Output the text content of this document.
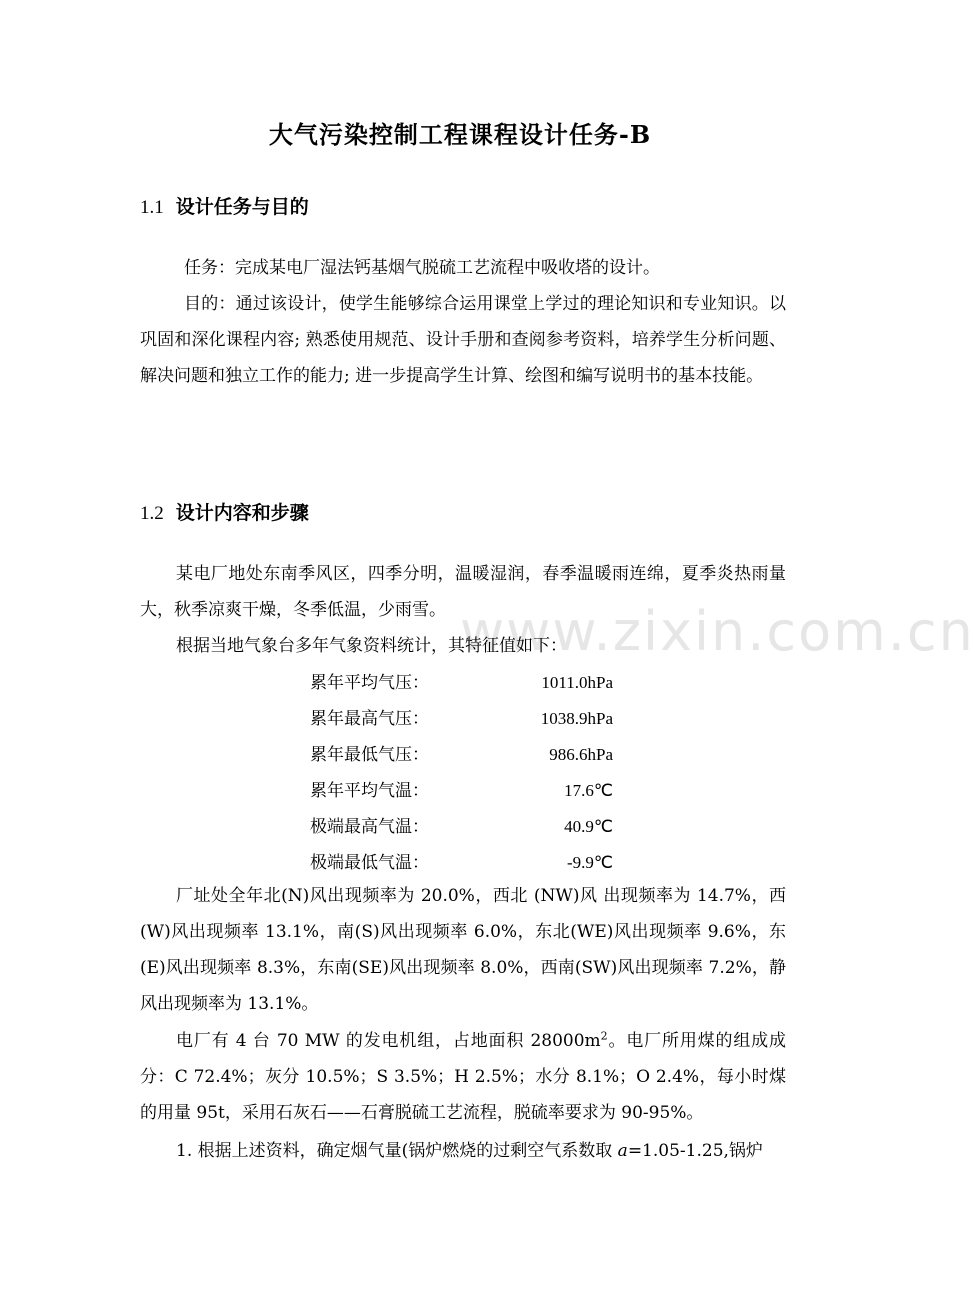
www.zixin.com.cn
大气污染控制工程课程设计任务-B
1.1 设计任务与目的
任务：完成某电厂湿法钙基烟气脱硫工艺流程中吸收塔的设计。
目的：通过该设计，使学生能够综合运用课堂上学过的理论知识和专业知识。以巩固和深化课程内容; 熟悉使用规范、设计手册和查阅参考资料，培养学生分析问题、解决问题和独立工作的能力; 进一步提高学生计算、绘图和编写说明书的基本技能。
1.2 设计内容和步骤
某电厂地处东南季风区，四季分明，温暖湿润，春季温暖雨连绵，夏季炎热雨量大，秋季凉爽干燥，冬季低温，少雨雪。
根据当地气象台多年气象资料统计，其特征值如下：
累年平均气压：	1011.0hPa
累年最高气压：	1038.9hPa
累年最低气压：	986.6hPa
累年平均气温：	17.6℃
极端最高气温：	40.9℃
极端最低气温：	-9.9℃
厂址处全年北(N)风出现频率为 20.0%，西北 (NW)风 出现频率为 14.7%，西(W)风出现频率 13.1%，南(S)风出现频率 6.0%，东北(WE)风出现频率 9.6%，东(E)风出现频率 8.3%，东南(SE)风出现频率 8.0%，西南(SW)风出现频率 7.2%，静风出现频率为 13.1%。
电厂有 4 台 70 MW 的发电机组，占地面积 $28000m^2$。电厂所用煤的组成成分：C 72.4%；灰分 10.5%；S 3.5%；H 2.5%；水分 8.1%；O 2.4%，每小时煤的用量 95t，采用石灰石——石膏脱硫工艺流程，脱硫率要求为 90-95%。
1. 根据上述资料，确定烟气量(锅炉燃烧的过剩空气系数取 a=1.05-1.25,锅炉
